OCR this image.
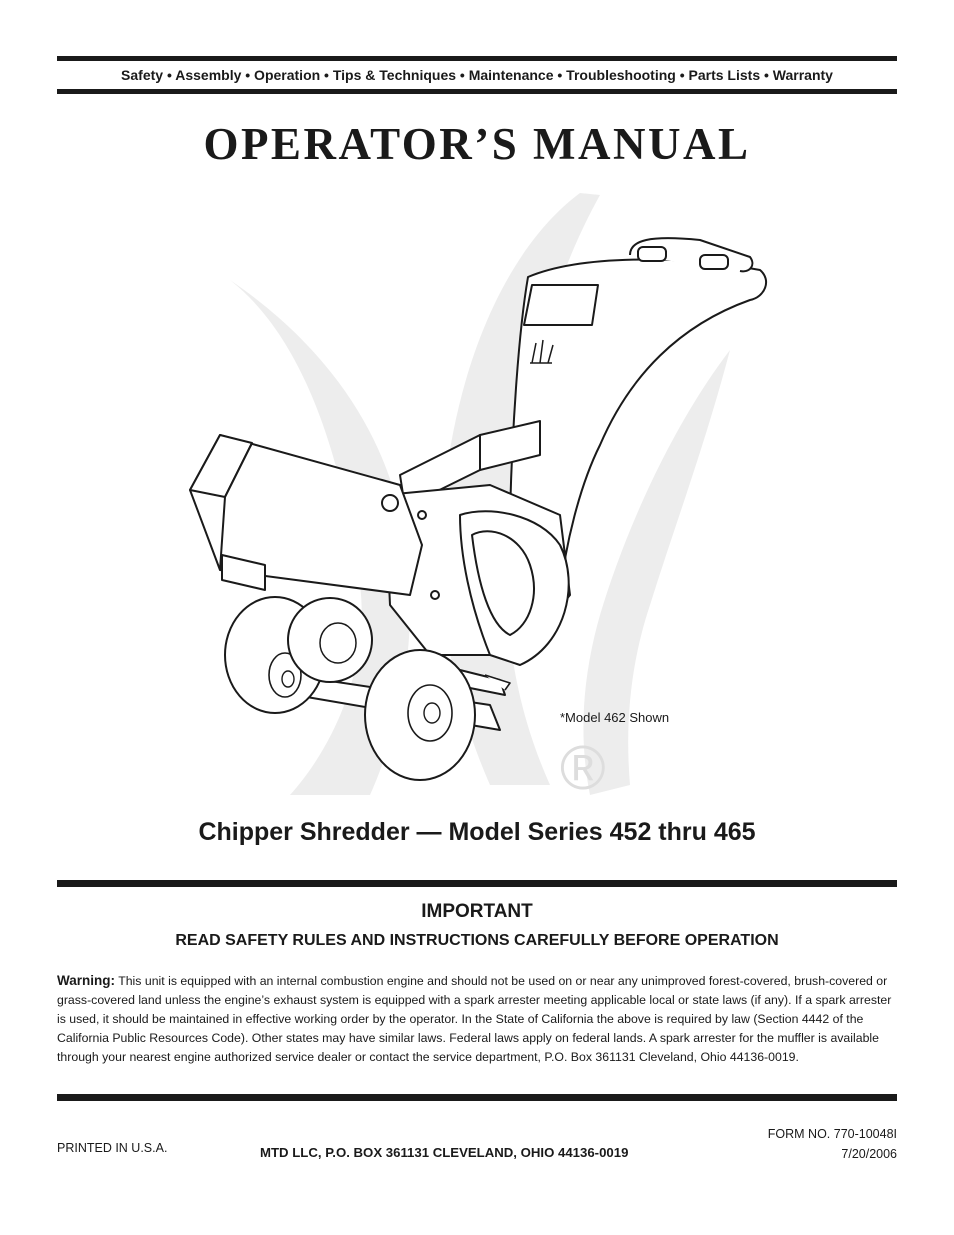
Safety • Assembly • Operation • Tips & Techniques • Maintenance • Troubleshooting • Parts Lists • Warranty
OPERATOR’S MANUAL
®
*Model 462 Shown
Chipper Shredder — Model Series 452 thru 465
IMPORTANT
READ SAFETY RULES AND INSTRUCTIONS CAREFULLY BEFORE OPERATION
Warning: This unit is equipped with an internal combustion engine and should not be used on or near any unimproved forest-covered, brush-covered or grass-covered land unless the engine’s exhaust system is equipped with a spark arrester meeting applicable local or state laws (if any). If a spark arrester is used, it should be maintained in effective working order by the operator. In the State of California the above is required by law (Section 4442 of the California Public Resources Code). Other states may have similar laws. Federal laws apply on federal lands. A spark arrester for the muffler is available through your nearest engine authorized service dealer or contact the service department, P.O. Box 361131 Cleveland, Ohio 44136-0019.
PRINTED IN U.S.A.	MTD LLC, P.O. BOX 361131 CLEVELAND, OHIO 44136-0019
FORM NO. 770-10048I
7/20/2006
